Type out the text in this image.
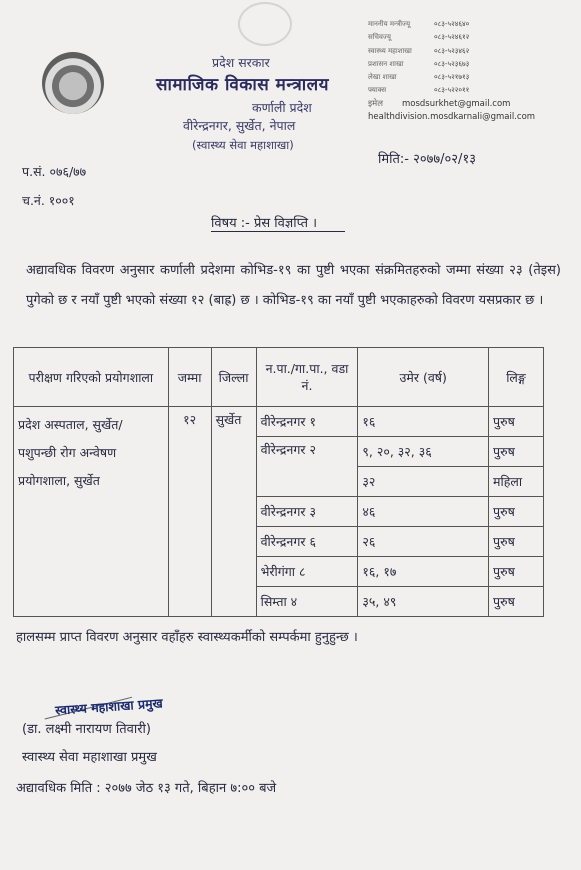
प्रदेश सरकार
सामाजिक विकास मन्त्रालय
कर्णाली प्रदेश
वीरेन्द्रनगर, सुर्खेत, नेपाल
(स्वास्थ्य सेवा महाशाखा)
माननीय मन्त्रीज्यू	०८३-५२४६४०
सचिवज्यू	०८३-५२४६१२
स्वास्थ्य महाशाखा	०८३-५२३४६२
प्रशासन शाखा	०८३-५२३६७३
लेखा शाखा	०८३-५२१७१३
फ्याक्स	०८३-५२२०११
इमेल	mosdsurkhet@gmail.com
healthdivision.mosdkarnali@gmail.com
मिति:- २०७७/०२/१३
प.सं. ०७६/७७
च.नं. १००१
विषय :- प्रेस विज्ञप्ति ।
अद्यावधिक विवरण अनुसार कर्णाली प्रदेशमा कोभिड-१९ का पुष्टी भएका संक्रमितहरुको जम्मा संख्या २३ (तेइस) पुगेको छ र नयाँ पुष्टी भएको संख्या १२ (बाह्र) छ । कोभिड-१९ का नयाँ पुष्टी भएकाहरुको विवरण यसप्रकार छ ।
परीक्षण गरिएको प्रयोगशाला	जम्मा	जिल्ला	न.पा./गा.पा., वडा नं.	उमेर (वर्ष)	लिङ्ग
प्रदेश अस्पताल, सुर्खेत/ पशुपन्छी रोग अन्वेषण प्रयोगशाला, सुर्खेत	१२	सुर्खेत	वीरेन्द्रनगर १	१६	पुरुष
			वीरेन्द्रनगर २	९, २०, ३२, ३६	पुरुष
				३२	महिला
			वीरेन्द्रनगर ३	४६	पुरुष
			वीरेन्द्रनगर ६	२६	पुरुष
			भेरीगंगा ८	१६, १७	पुरुष
			सिम्ता ४	३५, ४९	पुरुष
हालसम्म प्राप्त विवरण अनुसार वहाँहरु स्वास्थ्यकर्मीको सम्पर्कमा हुनुहुन्छ ।
स्वास्थ्य महाशाखा प्रमुख
(डा. लक्ष्मी नारायण तिवारी)
स्वास्थ्य सेवा महाशाखा प्रमुख
अद्यावधिक मिति : २०७७ जेठ १३ गते, बिहान ७:०० बजे
